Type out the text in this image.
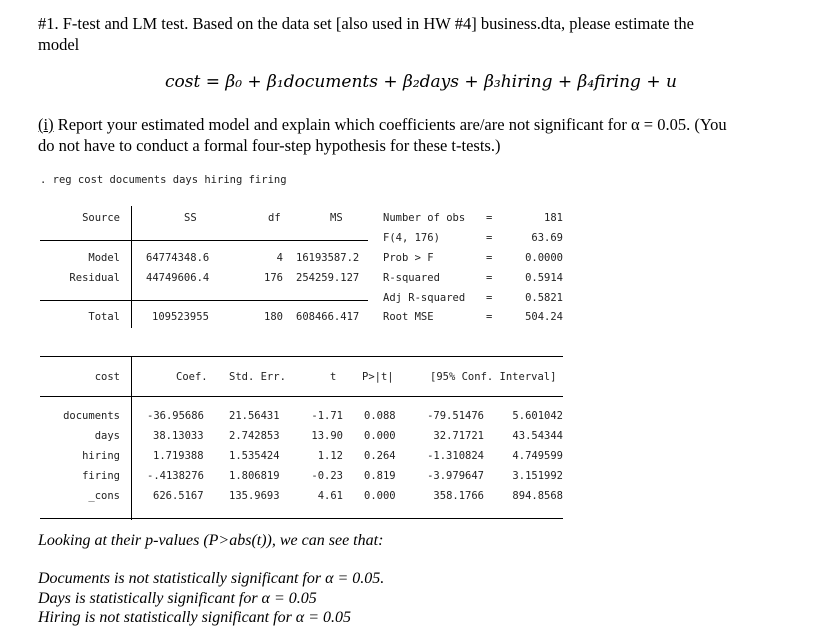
#1. F-test and LM test. Based on the data set [also used in HW #4] business.dta, please estimate the
model
cost = β₀ + β₁documents + β₂days + β₃hiring + β₄firing + u
(i) Report your estimated model and explain which coefficients are/are not significant for α = 0.05. (You
do not have to conduct a formal four-step hypothesis for these t-tests.)
. reg cost documents days hiring firing
Source	SS	df	MS
Model 64774348.6	4 16193587.2
Residual 44749606.4	176 254259.127
Total	109523955	180 608466.417
Number of obs =	181
F(4, 176)	=	63.69
Prob > F	=	0.0000
R-squared	=	0.5914
Adj R-squared =	0.5821
Root MSE	=	504.24
cost	Coef. Std. Err.	t P>|t|	[95% Conf. Interval]
documents	-36.95686 21.56431	-1.71 0.088	-79.51476	5.601042
days	38.13033 2.742853	13.90 0.000	32.71721	43.54344
hiring	1.719388 1.535424	1.12 0.264	-1.310824	4.749599
firing	-.4138276 1.806819	-0.23 0.819	-3.979647	3.151992
_cons	626.5167 135.9693	4.61 0.000	358.1766	894.8568
Looking at their p-values (P>abs(t)), we can see that:
Documents is not statistically significant for α = 0.05.
Days is statistically significant for α = 0.05
Hiring is not statistically significant for α = 0.05
